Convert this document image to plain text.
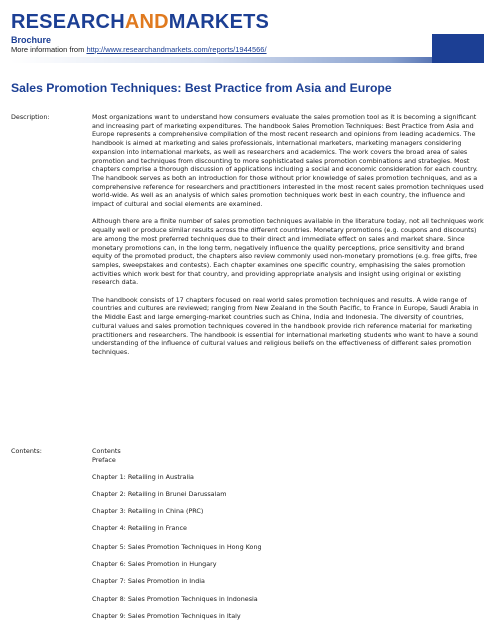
RESEARCHANDMARKETS
Brochure
More information from http://www.researchandmarkets.com/reports/1944566/
Sales Promotion Techniques: Best Practice from Asia and Europe
Description:	Most organizations want to understand how consumers evaluate the sales promotion tool as it is becoming a significant and increasing part of marketing expenditures. The handbook Sales Promotion Techniques: Best Practice from Asia and Europe represents a comprehensive compilation of the most recent research and opinions from leading academics. The handbook is aimed at marketing and sales professionals, international marketers, marketing managers considering expansion into international markets, as well as researchers and academics. The work covers the broad area of sales promotion and techniques from discounting to more sophisticated sales promotion combinations and strategies. Most chapters comprise a thorough discussion of applications including a social and economic consideration for each country. The handbook serves as both an introduction for those without prior knowledge of sales promotion techniques, and as a comprehensive reference for researchers and practitioners interested in the most recent sales promotion techniques used world-wide. As well as an analysis of which sales promotion techniques work best in each country, the influence and impact of cultural and social elements are examined.

Although there are a finite number of sales promotion techniques available in the literature today, not all techniques work equally well or produce similar results across the different countries. Monetary promotions (e.g. coupons and discounts) are among the most preferred techniques due to their direct and immediate effect on sales and market share. Since monetary promotions can, in the long term, negatively influence the quality perceptions, price sensitivity and brand equity of the promoted product, the chapters also review commonly used non-monetary promotions (e.g. free gifts, free samples, sweepstakes and contests). Each chapter examines one specific country, emphasising the sales promotion activities which work best for that country, and providing appropriate analysis and insight using original or existing research data.

The handbook consists of 17 chapters focused on real world sales promotion techniques and results. A wide range of countries and cultures are reviewed; ranging from New Zealand in the South Pacific, to France in Europe, Saudi Arabia in the Middle East and large emerging-market countries such as China, India and Indonesia. The diversity of countries, cultural values and sales promotion techniques covered in the handbook provide rich reference material for marketing practitioners and researchers. The handbook is essential for international marketing students who want to have a sound understanding of the influence of cultural values and religious beliefs on the effectiveness of different sales promotion techniques.

Contents:	Contents
Preface
Chapter 1: Retailing in Australia
Chapter 2: Retailing in Brunei Darussalam
Chapter 3: Retailing in China (PRC)
Chapter 4: Retailing in France
Chapter 5: Sales Promotion Techniques in Hong Kong
Chapter 6: Sales Promotion in Hungary
Chapter 7: Sales Promotion in India
Chapter 8: Sales Promotion Techniques in Indonesia
Chapter 9: Sales Promotion Techniques in Italy
